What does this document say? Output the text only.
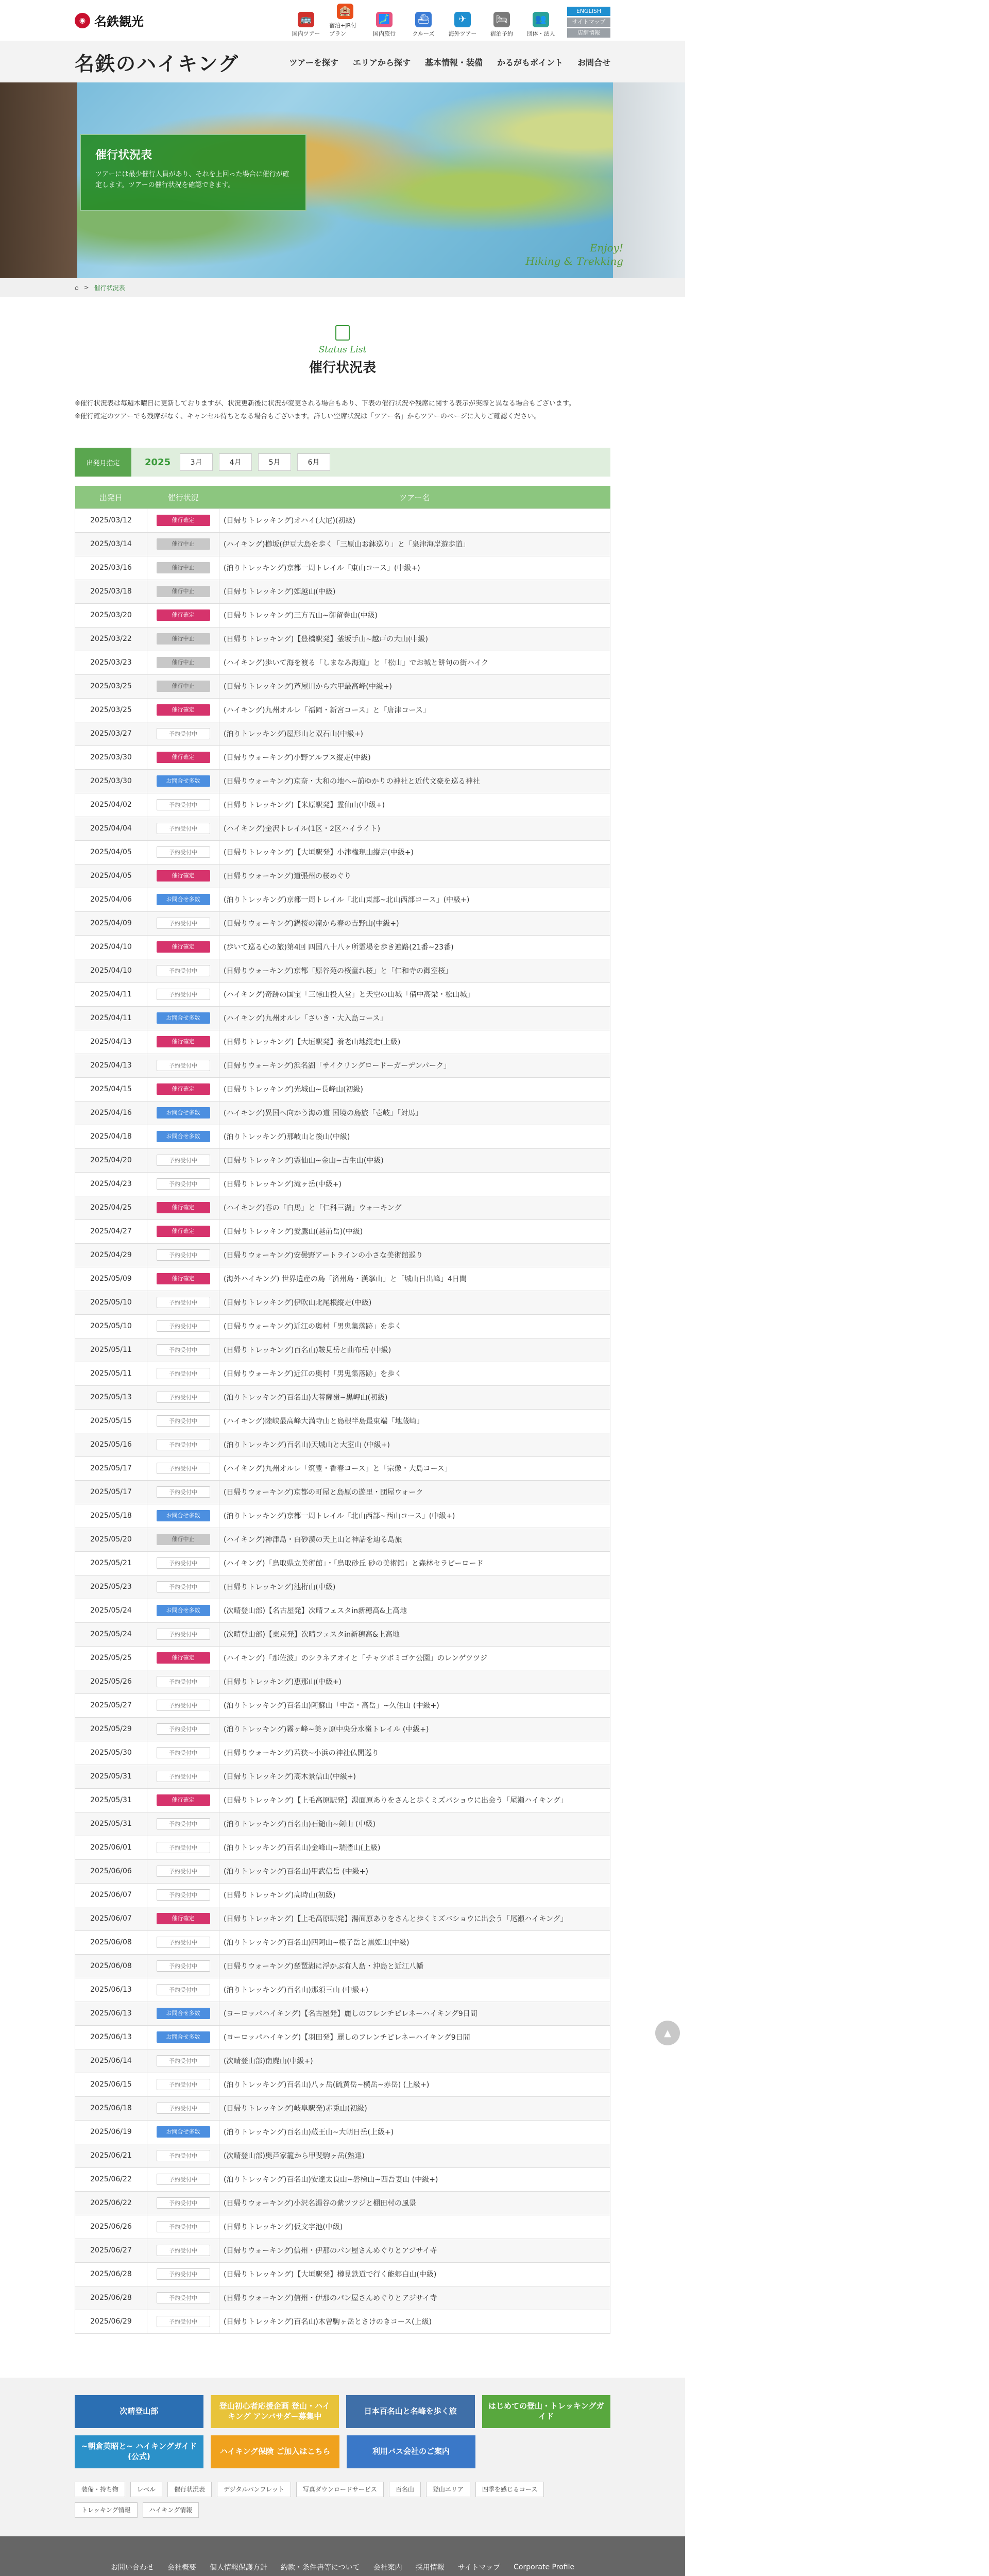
◉ 名鉄観光	🚌
国内ツアー
🏨
宿泊+JR付プラン
🗾
国内旅行
⛴
クルーズ
✈
海外ツアー
🛏
宿泊予約
👥
団体・法人
ENGLISH
サイトマップ
店舗情報
名鉄のハイキング	ツアーを探す エリアから探す 基本情報・装備 かるがもポイント お問合せ
催行状況表

ツアーには最少催行人員があり、それを上回った場合に催行が確定します。ツアーの催行状況を確認できます。

Enjoy!
Hiking & Trekking
⌂ > 催行状況表
Status List
催行状況表

※催行状況表は毎週木曜日に更新しておりますが、状況更新後に状況が変更される場合もあり、下表の催行状況や残席に関する表示が実際と異なる場合もございます。

※催行確定のツアーでも残席がなく、キャンセル待ちとなる場合もございます。詳しい空席状況は「ツアー名」からツアーのページに入りご確認ください。

出発月指定	2025	3月	4月	5月	6月
出発日	催行状況	ツアー名
2025/03/12	催行確定	(日帰りトレッキング)オハイ(大尼)(初級)
2025/03/14	催行中止	(ハイキング)櫛坂(伊豆大島を歩く「三原山お鉢巡り」と「泉津海岸遊歩道」
2025/03/16	催行中止	(泊りトレッキング)京都一周トレイル「東山コース」(中級+)
2025/03/18	催行中止	(日帰りトレッキング)姫越山(中級)
2025/03/20	催行確定	(日帰りトレッキング)三方五山~御留巻山(中級)
2025/03/22	催行中止	(日帰りトレッキング)【豊橋駅発】釜坂手山~越戸の大山(中級)
2025/03/23	催行中止	(ハイキング)歩いて海を渡る「しまなみ海道」と「松山」でお城と餅句の街ハイク
2025/03/25	催行中止	(日帰りトレッキング)芦屋川から六甲最高峰(中級+)
2025/03/25	催行確定	(ハイキング)九州オルレ「福岡・新宮コース」と「唐津コース」
2025/03/27	予約受付中	(泊りトレッキング)屋形山と双石山(中級+)
2025/03/30	催行確定	(日帰りウォーキング)小野アルプス縦走(中級)
2025/03/30	お問合せ多数	(日帰りウォーキング)京奈・大和の地へ~前ゆかりの神社と近代文豪を巡る神社
2025/04/02	予約受付中	(日帰りトレッキング)【米原駅発】霊仙山(中級+)
2025/04/04	予約受付中	(ハイキング)金沢トレイル(1区・2区ハイライト)
2025/04/05	予約受付中	(日帰りトレッキング)【大垣駅発】小津権現山縦走(中級+)
2025/04/05	催行確定	(日帰りウォーキング)道張州の桜めぐり
2025/04/06	お問合せ多数	(泊りトレッキング)京都一周トレイル「北山東部~北山西部コース」(中級+)
2025/04/09	予約受付中	(日帰りウォーキング)鍋桜の滝から春の吉野山(中級+)
2025/04/10	催行確定	(歩いて巡る心の旅)第4回 四国八十八ヶ所霊場を歩き遍路(21番~23番)
2025/04/10	予約受付中	(日帰りウォーキング)京都「原谷苑の桜童れ桜」と「仁和寺の御室桜」
2025/04/11	予約受付中	(ハイキング)奇跡の国宝「三徳山投入堂」と天空の山城「備中高梁・松山城」
2025/04/11	お問合せ多数	(ハイキング)九州オルレ「さいき・大入島コース」
2025/04/13	催行確定	(日帰りトレッキング)【大垣駅発】養老山地縦走(上級)
2025/04/13	予約受付中	(日帰りウォーキング)浜名湖「サイクリングロードーガーデンパーク」
2025/04/15	催行確定	(日帰りトレッキング)光城山~長峰山(初級)
2025/04/16	お問合せ多数	(ハイキング)異国へ向かう海の道 国境の島旅「壱岐」「対馬」
2025/04/18	お問合せ多数	(泊りトレッキング)那岐山と後山(中級)
2025/04/20	予約受付中	(日帰りトレッキング)霊仙山~金山~吉生山(中級)
2025/04/23	予約受付中	(日帰りトレッキング)滝ヶ岳(中級+)
2025/04/25	催行確定	(ハイキング)春の「白馬」と「仁科三湖」ウォーキング
2025/04/27	催行確定	(日帰りトレッキング)愛鷹山(越前岳)(中級)
2025/04/29	予約受付中	(日帰りウォーキング)安曇野アートラインの小さな美術館巡り
2025/05/09	催行確定	(海外ハイキング) 世界遺産の島「済州島・漢拏山」と「城山日出峰」4日間
2025/05/10	予約受付中	(日帰りトレッキング)伊吹山北尾根縦走(中級)
2025/05/10	予約受付中	(日帰りウォーキング)近江の奥村「男鬼集落跡」を歩く
2025/05/11	予約受付中	(日帰りトレッキング)百名山)鞍見岳と曲布岳 (中級)
2025/05/11	予約受付中	(日帰りウォーキング)近江の奥村「男鬼集落跡」を歩く
2025/05/13	予約受付中	(泊りトレッキング)百名山)大菩薩嶺~黒岬山(初級)
2025/05/15	予約受付中	(ハイキング)陸峡最高峰大満寺山と島根半島最東端「地蔵崎」
2025/05/16	予約受付中	(泊りトレッキング)百名山)天城山と大室山 (中級+)
2025/05/17	予約受付中	(ハイキング)九州オルレ「筑豊・香春コース」と「宗像・大島コース」
2025/05/17	予約受付中	(日帰りウォーキング)京都の町屋と島原の遊里・団屋ウォーク
2025/05/18	お問合せ多数	(泊りトレッキング)京都一周トレイル「北山西部~西山コース」(中級+)
2025/05/20	催行中止	(ハイキング)神津島・白砂漠の天上山と神話を辿る島旅
2025/05/21	予約受付中	(ハイキング)「鳥取県立美術館」・「鳥取砂丘 砂の美術館」と森林セラピーロード
2025/05/23	予約受付中	(日帰りトレッキング)池桁山(中級)
2025/05/24	お問合せ多数	(次晴登山部)【名古屋発】次晴フェスタin新穂高&上高地
2025/05/24	予約受付中	(次晴登山部)【東京発】次晴フェスタin新穂高&上高地
2025/05/25	催行確定	(ハイキング)「那佐波」のシラネアオイと「チャツボミゴケ公園」のレンゲツツジ
2025/05/26	予約受付中	(日帰りトレッキング)恵那山(中級+)
2025/05/27	予約受付中	(泊りトレッキング)百名山)阿蘇山「中岳・高岳」~久住山 (中級+)
2025/05/29	予約受付中	(泊りトレッキング)霧ヶ峰~美ヶ原中央分水嶺トレイル (中級+)
2025/05/30	予約受付中	(日帰りウォーキング)若狭~小浜の神社仏閣巡り
2025/05/31	予約受付中	(日帰りトレッキング)高木景信山(中級+)
2025/05/31	催行確定	(日帰りトレッキング)【上毛高原駅発】湯面原ありをさんと歩くミズバショウに出会う「尾瀬ハイキング」
2025/05/31	予約受付中	(泊りトレッキング)百名山)石鎚山~剣山 (中級)
2025/06/01	予約受付中	(泊りトレッキング)百名山)金峰山~瑞牆山(上級)
2025/06/06	予約受付中	(泊りトレッキング)百名山)甲武信岳 (中級+)
2025/06/07	予約受付中	(日帰りトレッキング)高時山(初級)
2025/06/07	催行確定	(日帰りトレッキング)【上毛高原駅発】湯面原ありをさんと歩くミズバショウに出会う「尾瀬ハイキング」
2025/06/08	予約受付中	(泊りトレッキング)百名山)四阿山~根子岳と黒姫山(中級)
2025/06/08	予約受付中	(日帰りウォーキング)琵琶湖に浮かぶ有人島・沖島と近江八幡
2025/06/13	予約受付中	(泊りトレッキング)百名山)那須三山 (中級+)
2025/06/13	お問合せ多数	(ヨーロッパハイキング)【名古屋発】麗しのフレンチピレネーハイキング9日間
2025/06/13	お問合せ多数	(ヨーロッパハイキング)【羽田発】麗しのフレンチピレネーハイキング9日間
2025/06/14	予約受付中	(次晴登山部)南麂山(中級+)
2025/06/15	予約受付中	(泊りトレッキング)百名山)八ヶ岳(硫黄岳~横岳~赤岳) (上級+)
2025/06/18	予約受付中	(日帰りトレッキング)岐阜駅発)赤兎山(初級)
2025/06/19	お問合せ多数	(泊りトレッキング)百名山)蔵王山~大朝日岳(上級+)
2025/06/21	予約受付中	(次晴登山部)奥芦家籠から甲斐駒ヶ岳(熟達)
2025/06/22	予約受付中	(泊りトレッキング)百名山)安達太良山~磐梯山~西吾妻山 (中級+)
2025/06/22	予約受付中	(日帰りウォーキング)小沢名湯谷の紫ツツジと棚田村の風景
2025/06/26	予約受付中	(日帰りトレッキング)仮文字池(中級)
2025/06/27	予約受付中	(日帰りウォーキング)信州・伊那のパン屋さんめぐりとアジサイ寺
2025/06/28	予約受付中	(日帰りトレッキング)【大垣駅発】樽見鉄道で行く能郷白山(中級)
2025/06/28	予約受付中	(日帰りウォーキング)信州・伊那のパン屋さんめぐりとアジサイ寺
2025/06/29	予約受付中	(日帰りトレッキング)百名山)木曽駒ヶ岳とさけのきコース(上級)
次晴登山部
登山初心者応援企画 登山・ハイキング アンバサダー募集中
日本百名山と名峰を歩く旅
はじめての登山・トレッキングガイド
~朝倉英昭と~ ハイキングガイド(公式)
ハイキング保険 ご加入はこちら	利用バス会社のご案内
装備・持ち物	レベル	催行状況表	デジタルパンフレット	写真ダウンロードサービス	百名山	登山エリア	四季を感じるコース
トレッキング情報	ハイキング情報
お問い合わせ 会社概要 個人情報保護方針 約款・条件書等について 会社案内 採用情報 サイトマップ Corporate Profile
▲
